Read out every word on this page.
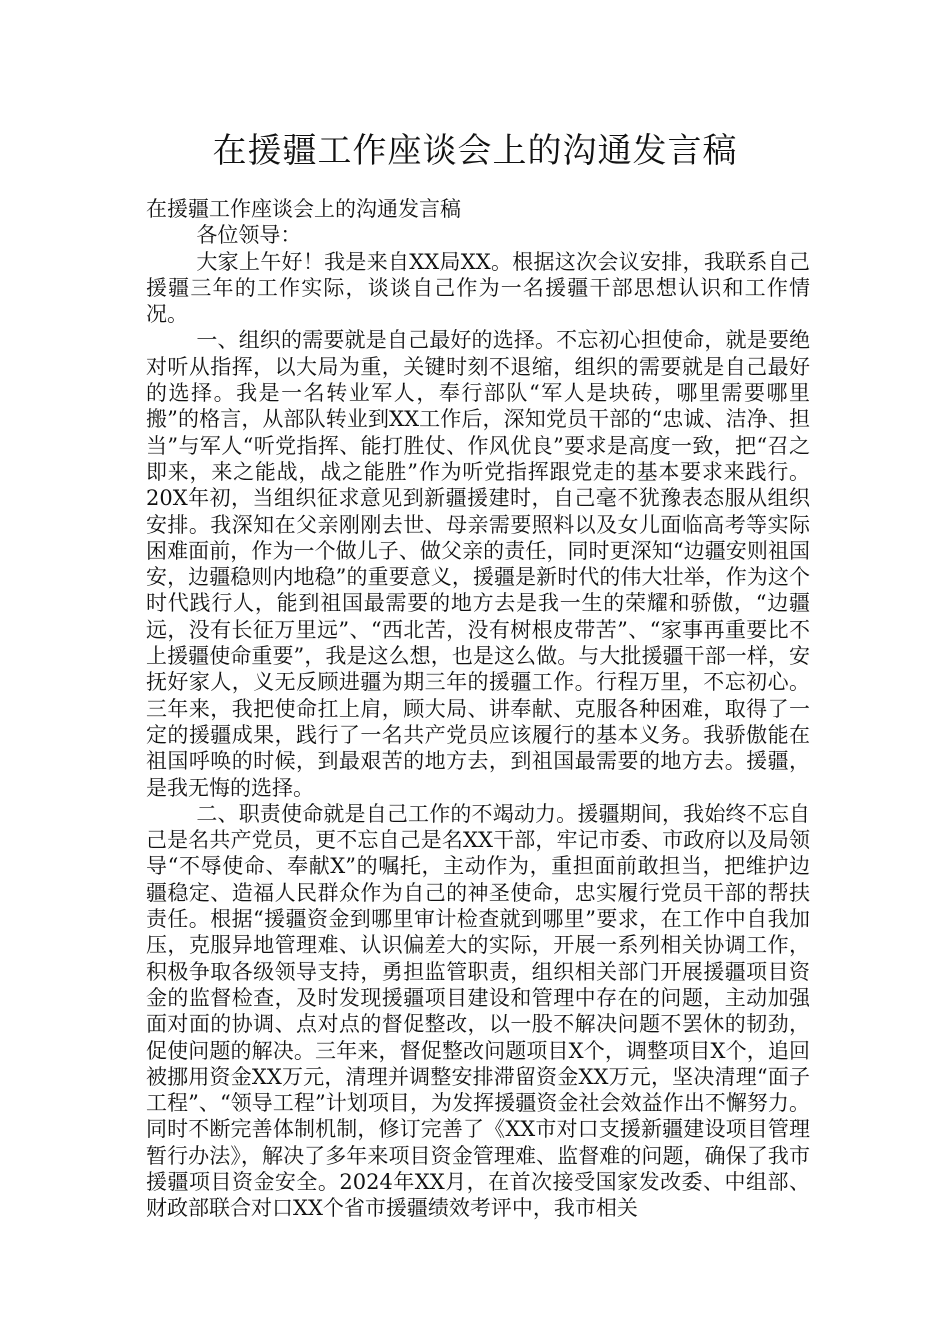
在援疆工作座谈会上的沟通发言稿

在援疆工作座谈会上的沟通发言稿

各位领导：

大家上午好！我是来自XX局XX。根据这次会议安排，我联系自己援疆三年的工作实际，谈谈自己作为一名援疆干部思想认识和工作情况。

一、组织的需要就是自己最好的选择。不忘初心担使命，就是要绝对听从指挥，以大局为重，关键时刻不退缩，组织的需要就是自己最好的选择。我是一名转业军人，奉行部队“军人是块砖，哪里需要哪里搬”的格言，从部队转业到XX工作后，深知党员干部的“忠诚、洁净、担当”与军人“听党指挥、能打胜仗、作风优良”要求是高度一致，把“召之即来，来之能战，战之能胜”作为听党指挥跟党走的基本要求来践行。20X年初，当组织征求意见到新疆援建时，自己毫不犹豫表态服从组织安排。我深知在父亲刚刚去世、母亲需要照料以及女儿面临高考等实际困难面前，作为一个做儿子、做父亲的责任，同时更深知“边疆安则祖国安，边疆稳则内地稳”的重要意义，援疆是新时代的伟大壮举，作为这个时代践行人，能到祖国最需要的地方去是我一生的荣耀和骄傲，“边疆远，没有长征万里远”、“西北苦，没有树根皮带苦”、“家事再重要比不上援疆使命重要”，我是这么想，也是这么做。与大批援疆干部一样，安抚好家人，义无反顾进疆为期三年的援疆工作。行程万里，不忘初心。三年来，我把使命扛上肩，顾大局、讲奉献、克服各种困难，取得了一定的援疆成果，践行了一名共产党员应该履行的基本义务。我骄傲能在祖国呼唤的时候，到最艰苦的地方去，到祖国最需要的地方去。援疆，是我无悔的选择。

二、职责使命就是自己工作的不竭动力。援疆期间，我始终不忘自己是名共产党员，更不忘自己是名XX干部，牢记市委、市政府以及局领导“不辱使命、奉献X”的嘱托，主动作为，重担面前敢担当，把维护边疆稳定、造福人民群众作为自己的神圣使命，忠实履行党员干部的帮扶责任。根据“援疆资金到哪里审计检查就到哪里”要求，在工作中自我加压，克服异地管理难、认识偏差大的实际，开展一系列相关协调工作，积极争取各级领导支持，勇担监管职责，组织相关部门开展援疆项目资金的监督检查，及时发现援疆项目建设和管理中存在的问题，主动加强面对面的协调、点对点的督促整改，以一股不解决问题不罢休的韧劲，促使问题的解决。三年来，督促整改问题项目X个，调整项目X个，追回被挪用资金XX万元，清理并调整安排滞留资金XX万元，坚决清理“面子工程”、“领导工程”计划项目，为发挥援疆资金社会效益作出不懈努力。同时不断完善体制机制，修订完善了《XX市对口支援新疆建设项目管理暂行办法》，解决了多年来项目资金管理难、监督难的问题，确保了我市援疆项目资金安全。2024年XX月，在首次接受国家发改委、中组部、财政部联合对口XX个省市援疆绩效考评中，我市相关
